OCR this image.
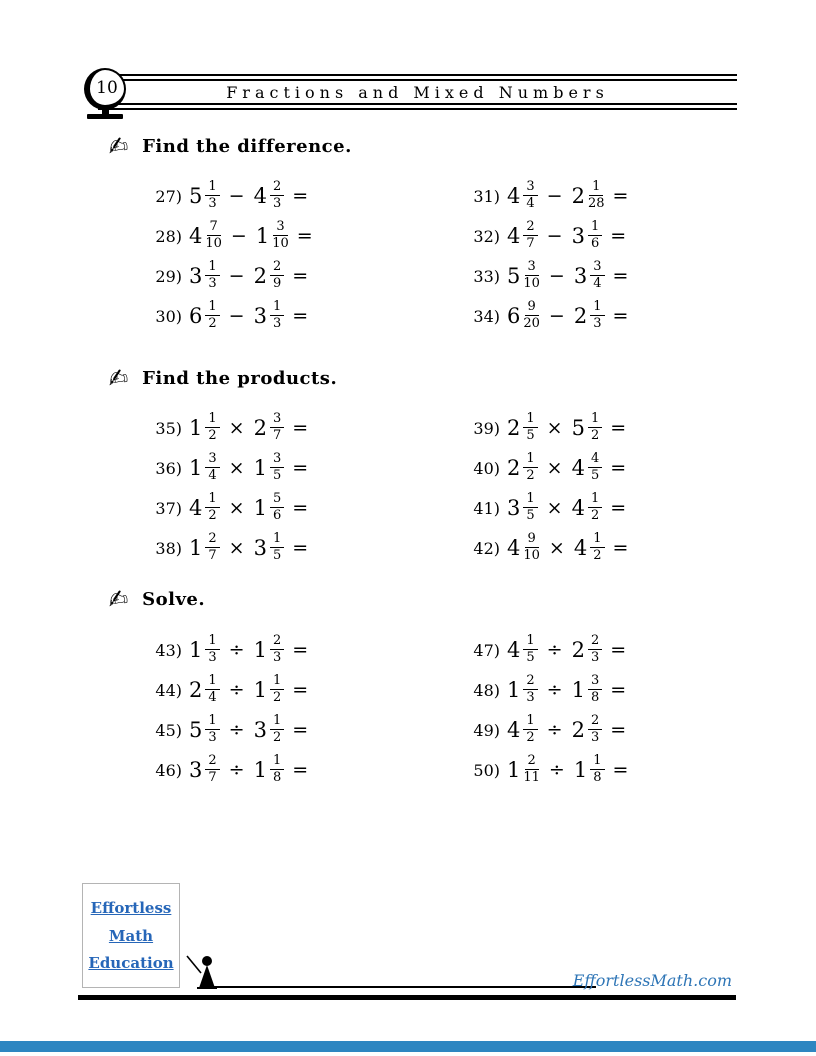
Fractions and Mixed Numbers
10
✍ Find the difference.
27) $5 \frac{1}{3} - 4 \frac{2}{3}$ =
28) $4 \frac{7}{10} - 1 \frac{3}{10}$ =
29) $3 \frac{1}{3} - 2 \frac{2}{9}$ =
30) $6 \frac{1}{2} - 3 \frac{1}{3}$ =
31) $4 \frac{3}{4} - 2 \frac{1}{28}$ =
32) $4 \frac{2}{7} - 3 \frac{1}{6}$ =
33) $5 \frac{3}{10} - 3 \frac{3}{4}$ =
34) $6 \frac{9}{20} - 2 \frac{1}{3}$ =
✍ Find the products.
35) $1 \frac{1}{2} \times 2 \frac{3}{7}$ =
36) $1 \frac{3}{4} \times 1 \frac{3}{5}$ =
37) $4 \frac{1}{2} \times 1 \frac{5}{6}$ =
38) $1 \frac{2}{7} \times 3 \frac{1}{5}$ =
39) $2 \frac{1}{5} \times 5 \frac{1}{2}$ =
40) $2 \frac{1}{2} \times 4 \frac{4}{5}$ =
41) $3 \frac{1}{5} \times 4 \frac{1}{2}$ =
42) $4 \frac{9}{10} \times 4 \frac{1}{2}$ =
✍ Solve.
43) $1 \frac{1}{3} \div 1 \frac{2}{3}$ =
44) $2 \frac{1}{4} \div 1 \frac{1}{2}$ =
45) $5 \frac{1}{3} \div 3 \frac{1}{2}$ =
46) $3 \frac{2}{7} \div 1 \frac{1}{8}$ =
47) $4 \frac{1}{5} \div 2 \frac{2}{3}$ =
48) $1 \frac{2}{3} \div 1 \frac{3}{8}$ =
49) $4 \frac{1}{2} \div 2 \frac{2}{3}$ =
50) $1 \frac{2}{11} \div 1 \frac{1}{8}$ =
Effortless
Math
Education
EffortlessMath.com
